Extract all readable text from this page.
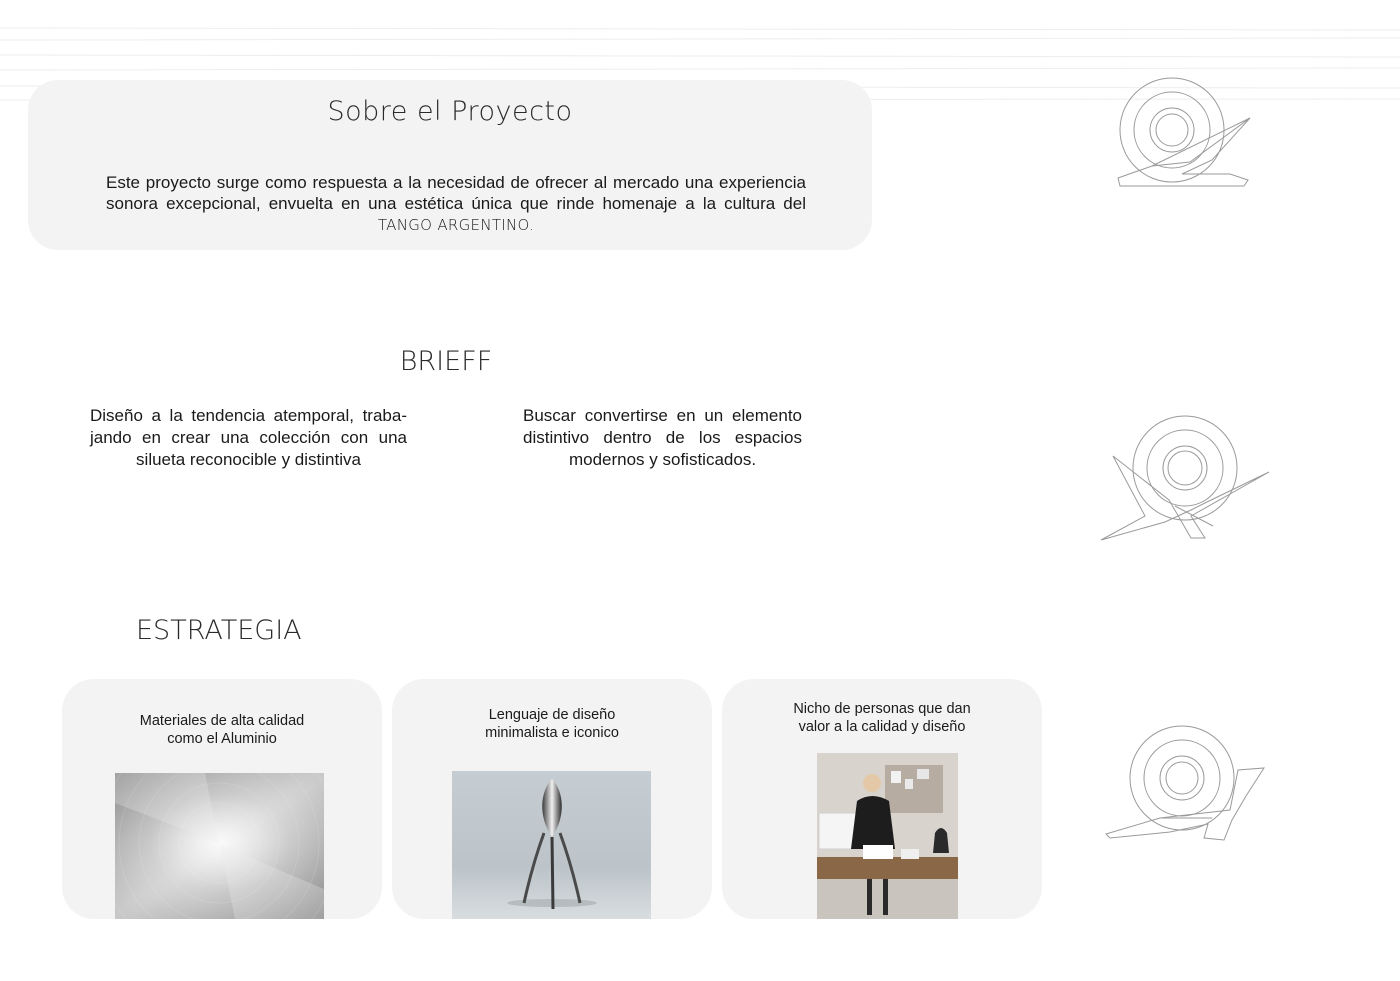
Sobre el Proyecto

Este proyecto surge como respuesta a la necesidad de ofrecer al mercado una experiencia sonora excepcional, envuelta en una estética única que rinde homenaje a la cultura del TANGO ARGENTINO.

BRIEFF

Diseño a la tendencia atemporal, traba-jando en crear una colección con una silueta reconocible y distintiva

Buscar convertirse en un elemento distintivo dentro de los espacios modernos y sofisticados.

ESTRATEGIA
Materiales de alta calidad
como el Aluminio
Lenguaje de diseño
minimalista e iconico
Nicho de personas que dan
valor a la calidad y diseño
